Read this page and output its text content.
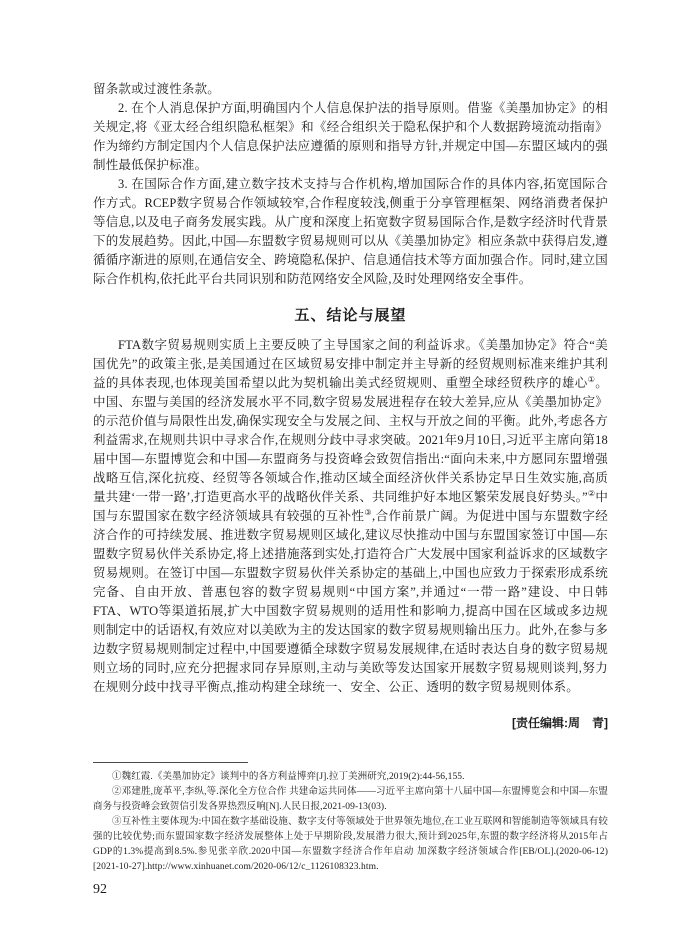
留条款或过渡性条款。

2. 在个人消息保护方面,明确国内个人信息保护法的指导原则。借鉴《美墨加协定》的相关规定,将《亚太经合组织隐私框架》和《经合组织关于隐私保护和个人数据跨境流动指南》作为缔约方制定国内个人信息保护法应遵循的原则和指导方针,并规定中国—东盟区域内的强制性最低保护标准。

3. 在国际合作方面,建立数字技术支持与合作机构,增加国际合作的具体内容,拓宽国际合作方式。RCEP数字贸易合作领域较窄,合作程度较浅,侧重于分享管理框架、网络消费者保护等信息,以及电子商务发展实践。从广度和深度上拓宽数字贸易国际合作,是数字经济时代背景下的发展趋势。因此,中国—东盟数字贸易规则可以从《美墨加协定》相应条款中获得启发,遵循循序渐进的原则,在通信安全、跨境隐私保护、信息通信技术等方面加强合作。同时,建立国际合作机构,依托此平台共同识别和防范网络安全风险,及时处理网络安全事件。

五、结论与展望

FTA数字贸易规则实质上主要反映了主导国家之间的利益诉求。《美墨加协定》符合“美国优先”的政策主张,是美国通过在区域贸易安排中制定并主导新的经贸规则标准来维护其利益的具体表现,也体现美国希望以此为契机输出美式经贸规则、重塑全球经贸秩序的雄心①。中国、东盟与美国的经济发展水平不同,数字贸易发展进程存在较大差异,应从《美墨加协定》的示范价值与局限性出发,确保实现安全与发展之间、主权与开放之间的平衡。此外,考虑各方利益需求,在规则共识中寻求合作,在规则分歧中寻求突破。2021年9月10日,习近平主席向第18届中国—东盟博览会和中国—东盟商务与投资峰会致贺信指出:“面向未来,中方愿同东盟增强战略互信,深化抗疫、经贸等各领域合作,推动区域全面经济伙伴关系协定早日生效实施,高质量共建‘一带一路’,打造更高水平的战略伙伴关系、共同维护好本地区繁荣发展良好势头。”②中国与东盟国家在数字经济领域具有较强的互补性③,合作前景广阔。为促进中国与东盟数字经济合作的可持续发展、推进数字贸易规则区域化,建议尽快推动中国与东盟国家签订中国—东盟数字贸易伙伴关系协定,将上述措施落到实处,打造符合广大发展中国家利益诉求的区域数字贸易规则。在签订中国—东盟数字贸易伙伴关系协定的基础上,中国也应致力于探索形成系统完备、自由开放、普惠包容的数字贸易规则“中国方案”,并通过“一带一路”建设、中日韩FTA、WTO等渠道拓展,扩大中国数字贸易规则的适用性和影响力,提高中国在区域或多边规则制定中的话语权,有效应对以美欧为主的发达国家的数字贸易规则输出压力。此外,在参与多边数字贸易规则制定过程中,中国要遵循全球数字贸易发展规律,在适时表达自身的数字贸易规则立场的同时,应充分把握求同存异原则,主动与美欧等发达国家开展数字贸易规则谈判,努力在规则分歧中找寻平衡点,推动构建全球统一、安全、公正、透明的数字贸易规则体系。

[责任编辑:周　青]

①魏红霞.《美墨加协定》谈判中的各方利益博弈[J].拉丁美洲研究,2019(2):44-56,155.

②邓建胜,庞革平,李纵,等.深化全方位合作 共建命运共同体——习近平主席向第十八届中国—东盟博览会和中国—东盟商务与投资峰会致贺信引发各界热烈反响[N].人民日报,2021-09-13(03).

③互补性主要体现为:中国在数字基础设施、数字支付等领域处于世界领先地位,在工业互联网和智能制造等领域具有较强的比较优势;而东盟国家数字经济发展整体上处于早期阶段,发展潜力很大,预计到2025年,东盟的数字经济将从2015年占GDP的1.3%提高到8.5%.参见张辛欣.2020中国—东盟数字经济合作年启动 加深数字经济领域合作[EB/OL].(2020-06-12)[2021-10-27].http://www.xinhuanet.com/2020-06/12/c_1126108323.htm.

92
